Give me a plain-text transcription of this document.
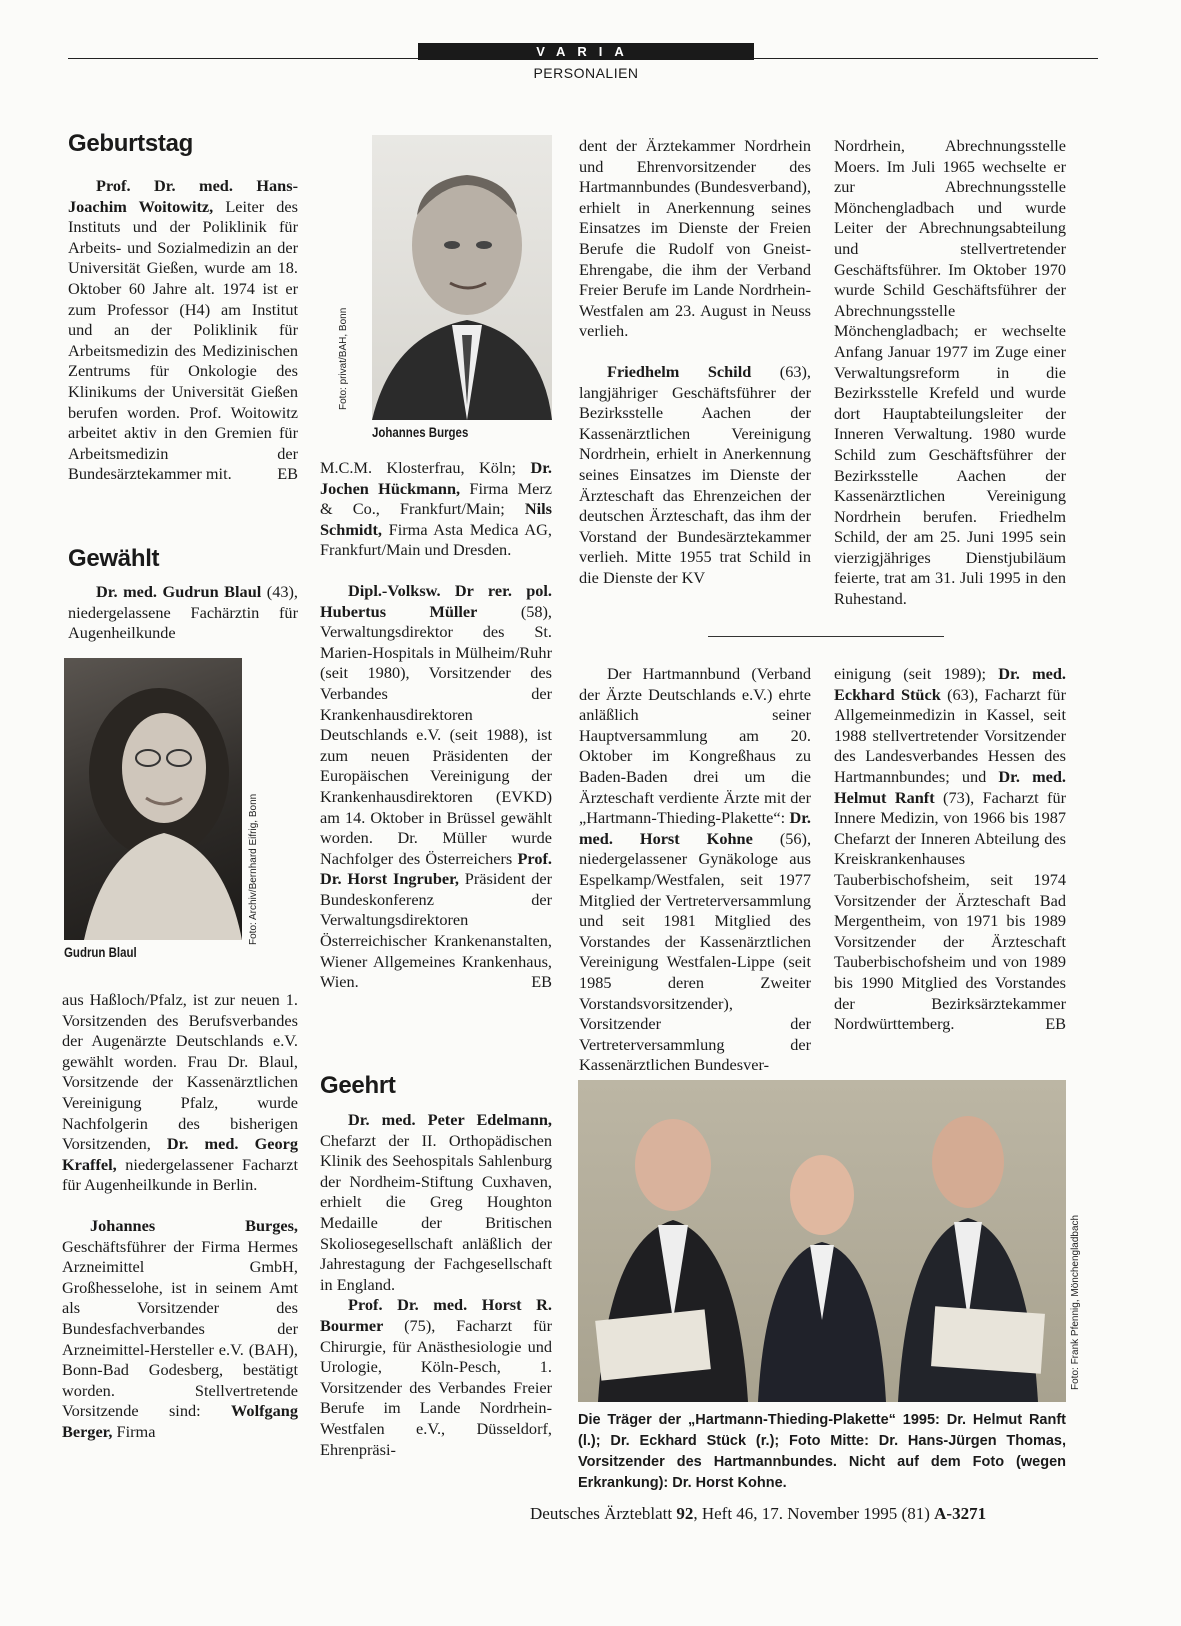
VARIA
PERSONALIEN
Geburtstag

Prof. Dr. med. Hans-Joachim Woitowitz, Leiter des Instituts und der Poliklinik für Arbeits- und Sozialmedizin an der Universität Gießen, wurde am 18. Oktober 60 Jahre alt. 1974 ist er zum Professor (H4) am Institut und an der Poliklinik für Arbeitsmedizin des Medizinischen Zentrums für Onkologie des Klinikums der Universität Gießen berufen worden. Prof. Woitowitz arbeitet aktiv in den Gremien für Arbeitsmedizin der Bundesärztekammer mit.	EB

Gewählt

Dr. med. Gudrun Blaul (43), niedergelassene Fachärztin für Augenheilkunde

Foto: Archiv/Bernhard Eifrig, Bonn
Gudrun Blaul

aus Haßloch/Pfalz, ist zur neuen 1. Vorsitzenden des Berufsverbandes der Augenärzte Deutschlands e.V. gewählt worden. Frau Dr. Blaul, Vorsitzende der Kassenärztlichen Vereinigung Pfalz, wurde Nachfolgerin des bisherigen Vorsitzenden, Dr. med. Georg Kraffel, niedergelassener Facharzt für Augenheilkunde in Berlin.

Johannes Burges, Geschäftsführer der Firma Hermes Arzneimittel GmbH, Großhesselohe, ist in seinem Amt als Vorsitzender des Bundesfachverbandes der Arzneimittel-Hersteller e.V. (BAH), Bonn-Bad Godesberg, bestätigt worden. Stellvertretende Vorsitzende sind: Wolfgang Berger, Firma

Foto: privat/BAH, Bonn
Johannes Burges

M.C.M. Klosterfrau, Köln; Dr. Jochen Hückmann, Firma Merz & Co., Frankfurt/Main; Nils Schmidt, Firma Asta Medica AG, Frankfurt/Main und Dresden.

Dipl.-Volksw. Dr rer. pol. Hubertus Müller (58), Verwaltungsdirektor des St. Marien-Hospitals in Mülheim/Ruhr (seit 1980), Vorsitzender des Verbandes der Krankenhausdirektoren Deutschlands e.V. (seit 1988), ist zum neuen Präsidenten der Europäischen Vereinigung der Krankenhausdirektoren (EVKD) am 14. Oktober in Brüssel gewählt worden. Dr. Müller wurde Nachfolger des Österreichers Prof. Dr. Horst Ingruber, Präsident der Bundeskonferenz der Verwaltungsdirektoren Österreichischer Krankenanstalten, Wiener Allgemeines Krankenhaus, Wien.	EB

Geehrt

Dr. med. Peter Edelmann, Chefarzt der II. Orthopädischen Klinik des Seehospitals Sahlenburg der Nordheim-Stiftung Cuxhaven, erhielt die Greg Houghton Medaille der Britischen Skoliosegesellschaft anläßlich der Jahrestagung der Fachgesellschaft in England.

Prof. Dr. med. Horst R. Bourmer (75), Facharzt für Chirurgie, für Anästhesiologie und Urologie, Köln-Pesch, 1. Vorsitzender des Verbandes Freier Berufe im Lande Nordrhein-Westfalen e.V., Düsseldorf, Ehrenpräsi-

dent der Ärztekammer Nordrhein und Ehrenvorsitzender des Hartmannbundes (Bundesverband), erhielt in Anerkennung seines Einsatzes im Dienste der Freien Berufe die Rudolf von Gneist-Ehrengabe, die ihm der Verband Freier Berufe im Lande Nordrhein-Westfalen am 23. August in Neuss verlieh.

Friedhelm Schild (63), langjähriger Geschäftsführer der Bezirksstelle Aachen der Kassenärztlichen Vereinigung Nordrhein, erhielt in Anerkennung seines Einsatzes im Dienste der Ärzteschaft das Ehrenzeichen der deutschen Ärzteschaft, das ihm der Vorstand der Bundesärztekammer verlieh. Mitte 1955 trat Schild in die Dienste der KV

Nordrhein, Abrechnungsstelle Moers. Im Juli 1965 wechselte er zur Abrechnungsstelle Mönchengladbach und wurde Leiter der Abrechnungsabteilung und stellvertretender Geschäftsführer. Im Oktober 1970 wurde Schild Geschäftsführer der Abrechnungsstelle Mönchengladbach; er wechselte Anfang Januar 1977 im Zuge einer Verwaltungsreform in die Bezirksstelle Krefeld und wurde dort Hauptabteilungsleiter der Inneren Verwaltung. 1980 wurde Schild zum Geschäftsführer der Bezirksstelle Aachen der Kassenärztlichen Vereinigung Nordrhein berufen. Friedhelm Schild, der am 25. Juni 1995 sein vierzigjähriges Dienstjubiläum feierte, trat am 31. Juli 1995 in den Ruhestand.

Der Hartmannbund (Verband der Ärzte Deutschlands e.V.) ehrte anläßlich seiner Hauptversammlung am 20. Oktober im Kongreßhaus zu Baden-Baden drei um die Ärzteschaft verdiente Ärzte mit der „Hartmann-Thieding-Plakette“: Dr. med. Horst Kohne (56), niedergelassener Gynäkologe aus Espelkamp/Westfalen, seit 1977 Mitglied der Vertreterversammlung und seit 1981 Mitglied des Vorstandes der Kassenärztlichen Vereinigung Westfalen-Lippe (seit 1985 deren Zweiter Vorstandsvorsitzender), Vorsitzender der Vertreterversammlung der Kassenärztlichen Bundesver-

einigung (seit 1989); Dr. med. Eckhard Stück (63), Facharzt für Allgemeinmedizin in Kassel, seit 1988 stellvertretender Vorsitzender des Landesverbandes Hessen des Hartmannbundes; und Dr. med. Helmut Ranft (73), Facharzt für Innere Medizin, von 1966 bis 1987 Chefarzt der Inneren Abteilung des Kreiskrankenhauses Tauberbischofsheim, seit 1974 Vorsitzender der Ärzteschaft Bad Mergentheim, von 1971 bis 1989 Vorsitzender der Ärzteschaft Tauberbischofsheim und von 1989 bis 1990 Mitglied des Vorstandes der Bezirksärztekammer Nordwürttemberg.	EB

Foto: Frank Pfennig, Mönchengladbach
Die Träger der „Hartmann-Thieding-Plakette“ 1995: Dr. Helmut Ranft (l.); Dr. Eckhard Stück (r.); Foto Mitte: Dr. Hans-Jürgen Thomas, Vorsitzender des Hartmannbundes. Nicht auf dem Foto (wegen Erkrankung): Dr. Horst Kohne.
Deutsches Ärzteblatt 92, Heft 46, 17. November 1995 (81) A-3271
